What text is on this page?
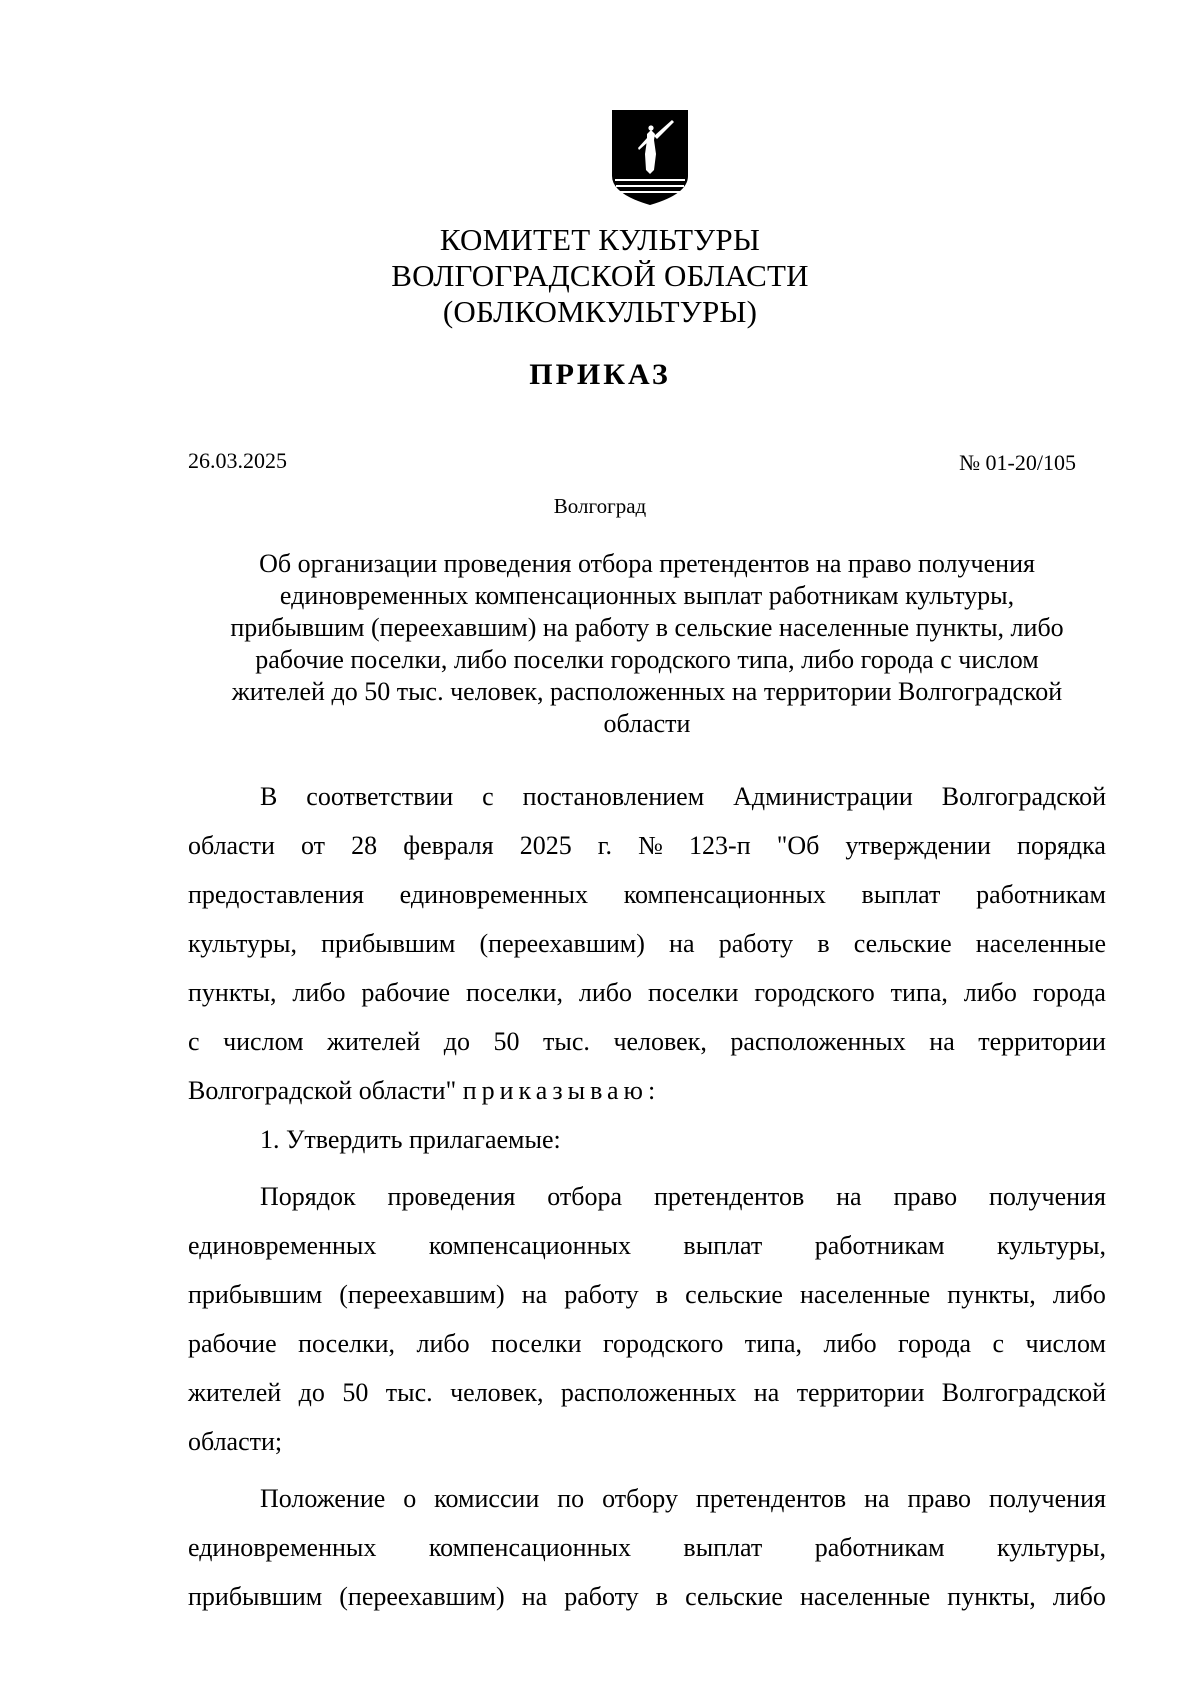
КОМИТЕТ КУЛЬТУРЫ
ВОЛГОГРАДСКОЙ ОБЛАСТИ
(ОБЛКОМКУЛЬТУРЫ)
ПРИКАЗ
26.03.2025	№ 01-20/105
Волгоград
Об организации проведения отбора претендентов на право получения
единовременных компенсационных выплат работникам культуры,
прибывшим (переехавшим) на работу в сельские населенные пункты, либо
рабочие поселки, либо поселки городского типа, либо города с числом
жителей до 50 тыс. человек, расположенных на территории Волгоградской
области
В соответствии с постановлением Администрации Волгоградской
области от 28 февраля 2025 г. № 123-п "Об утверждении порядка
предоставления единовременных компенсационных выплат работникам
культуры, прибывшим (переехавшим) на работу в сельские населенные
пункты, либо рабочие поселки, либо поселки городского типа, либо города
с числом жителей до 50 тыс. человек, расположенных на территории
Волгоградской области" приказываю:
1. Утвердить прилагаемые:
Порядок проведения отбора претендентов на право получения
единовременных компенсационных выплат работникам культуры,
прибывшим (переехавшим) на работу в сельские населенные пункты, либо
рабочие поселки, либо поселки городского типа, либо города с числом
жителей до 50 тыс. человек, расположенных на территории Волгоградской
области;
Положение о комиссии по отбору претендентов на право получения
единовременных компенсационных выплат работникам культуры,
прибывшим (переехавшим) на работу в сельские населенные пункты, либо
